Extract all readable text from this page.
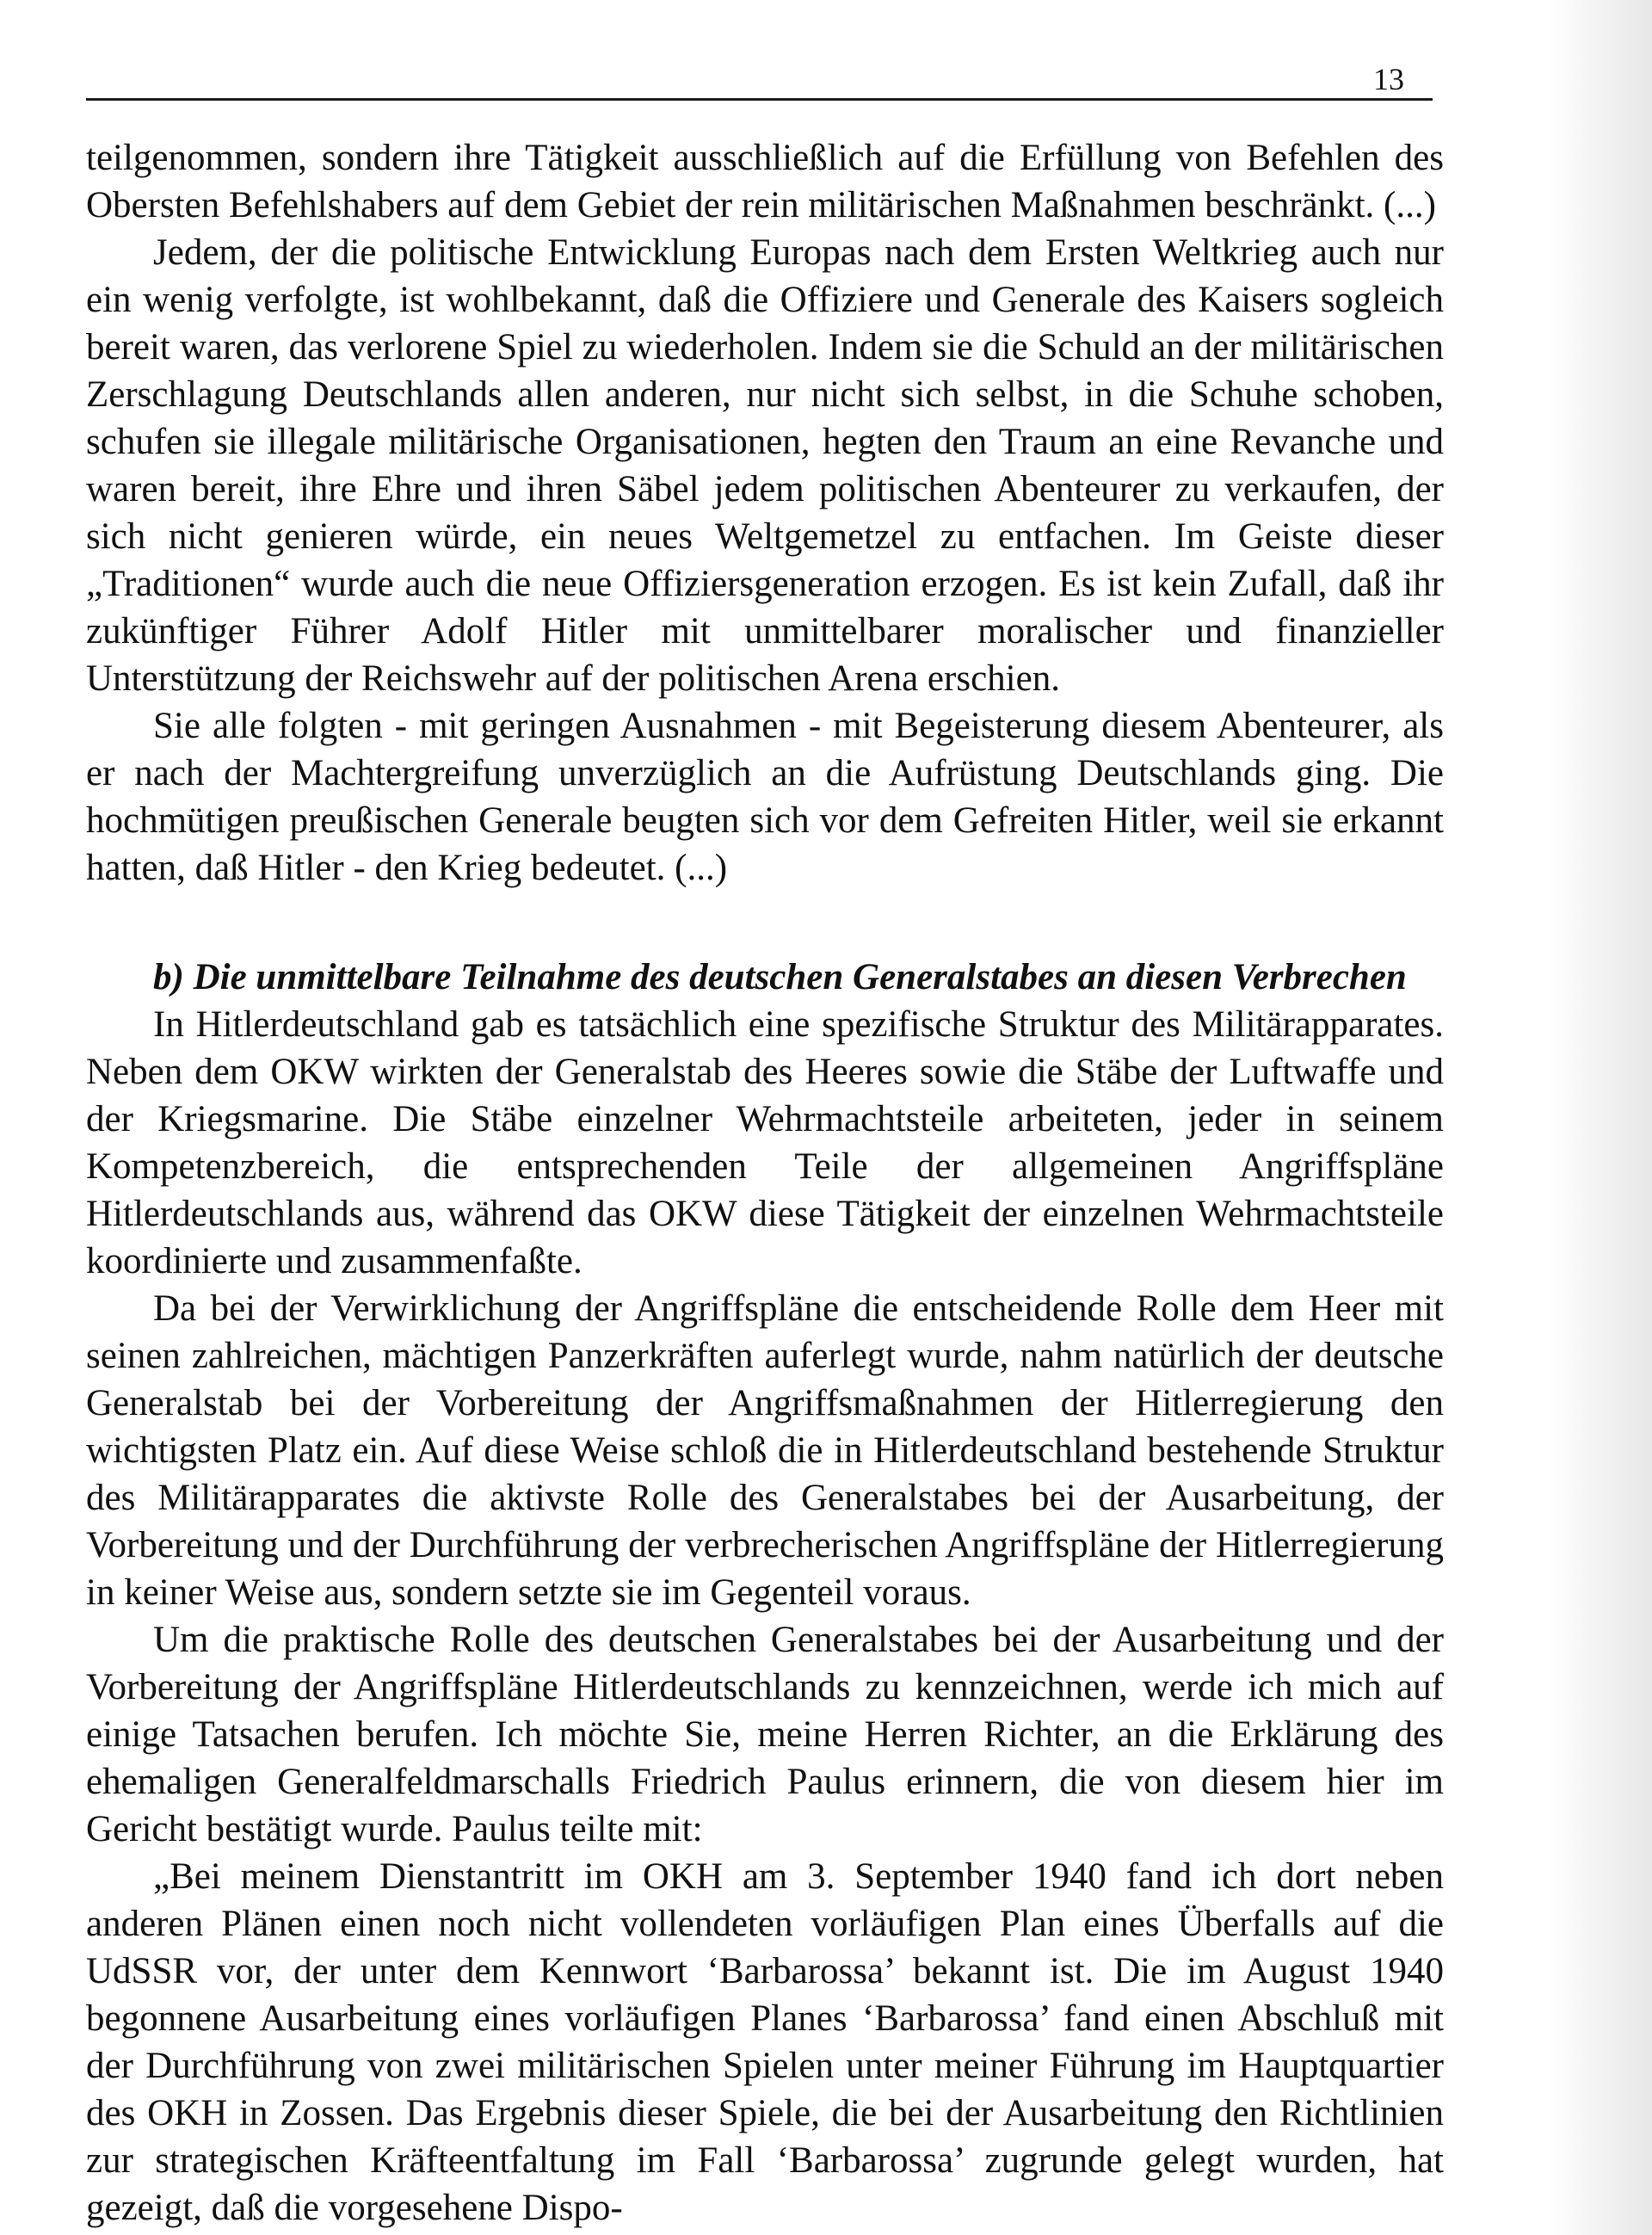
13

teilgenommen, sondern ihre Tätigkeit ausschließlich auf die Erfüllung von Befehlen des Obersten Befehlshabers auf dem Gebiet der rein militärischen Maßnahmen beschränkt. (...)

Jedem, der die politische Entwicklung Europas nach dem Ersten Weltkrieg auch nur ein wenig verfolgte, ist wohlbekannt, daß die Offiziere und Generale des Kaisers sogleich bereit waren, das verlorene Spiel zu wiederholen. Indem sie die Schuld an der militärischen Zerschlagung Deutschlands allen anderen, nur nicht sich selbst, in die Schuhe schoben, schufen sie illegale militärische Organisationen, hegten den Traum an eine Revanche und waren bereit, ihre Ehre und ihren Säbel jedem politischen Abenteurer zu verkaufen, der sich nicht genieren würde, ein neues Weltgemetzel zu entfachen. Im Geiste dieser „Traditionen“ wurde auch die neue Offiziersgeneration erzogen. Es ist kein Zufall, daß ihr zukünftiger Führer Adolf Hitler mit unmittelbarer moralischer und finanzieller Unterstützung der Reichswehr auf der politischen Arena erschien.

Sie alle folgten - mit geringen Ausnahmen - mit Begeisterung diesem Abenteurer, als er nach der Machtergreifung unverzüglich an die Aufrüstung Deutschlands ging. Die hochmütigen preußischen Generale beugten sich vor dem Gefreiten Hitler, weil sie erkannt hatten, daß Hitler - den Krieg bedeutet. (...)

b) Die unmittelbare Teilnahme des deutschen Generalstabes an diesen Verbrechen

In Hitlerdeutschland gab es tatsächlich eine spezifische Struktur des Militärapparates. Neben dem OKW wirkten der Generalstab des Heeres sowie die Stäbe der Luftwaffe und der Kriegsmarine. Die Stäbe einzelner Wehrmachtsteile arbeiteten, jeder in seinem Kompetenzbereich, die entsprechenden Teile der allgemeinen Angriffspläne Hitlerdeutschlands aus, während das OKW diese Tätigkeit der einzelnen Wehrmachtsteile koordinierte und zusammenfaßte.

Da bei der Verwirklichung der Angriffspläne die entscheidende Rolle dem Heer mit seinen zahlreichen, mächtigen Panzerkräften auferlegt wurde, nahm natürlich der deutsche Generalstab bei der Vorbereitung der Angriffsmaßnahmen der Hitlerregierung den wichtigsten Platz ein. Auf diese Weise schloß die in Hitlerdeutschland bestehende Struktur des Militärapparates die aktivste Rolle des Generalstabes bei der Ausarbeitung, der Vorbereitung und der Durchführung der verbrecherischen Angriffspläne der Hitlerregierung in keiner Weise aus, sondern setzte sie im Gegenteil voraus.

Um die praktische Rolle des deutschen Generalstabes bei der Ausarbeitung und der Vorbereitung der Angriffspläne Hitlerdeutschlands zu kennzeichnen, werde ich mich auf einige Tatsachen berufen. Ich möchte Sie, meine Herren Richter, an die Erklärung des ehemaligen Generalfeldmarschalls Friedrich Paulus erinnern, die von diesem hier im Gericht bestätigt wurde. Paulus teilte mit:

„Bei meinem Dienstantritt im OKH am 3. September 1940 fand ich dort neben anderen Plänen einen noch nicht vollendeten vorläufigen Plan eines Überfalls auf die UdSSR vor, der unter dem Kennwort ‘Barbarossa’ bekannt ist. Die im August 1940 begonnene Ausarbeitung eines vorläufigen Planes ‘Barbarossa’ fand einen Abschluß mit der Durchführung von zwei militärischen Spielen unter meiner Führung im Hauptquartier des OKH in Zossen. Das Ergebnis dieser Spiele, die bei der Ausarbeitung den Richtlinien zur strategischen Kräfteentfaltung im Fall ‘Barbarossa’ zugrunde gelegt wurden, hat gezeigt, daß die vorgesehene Dispo-
